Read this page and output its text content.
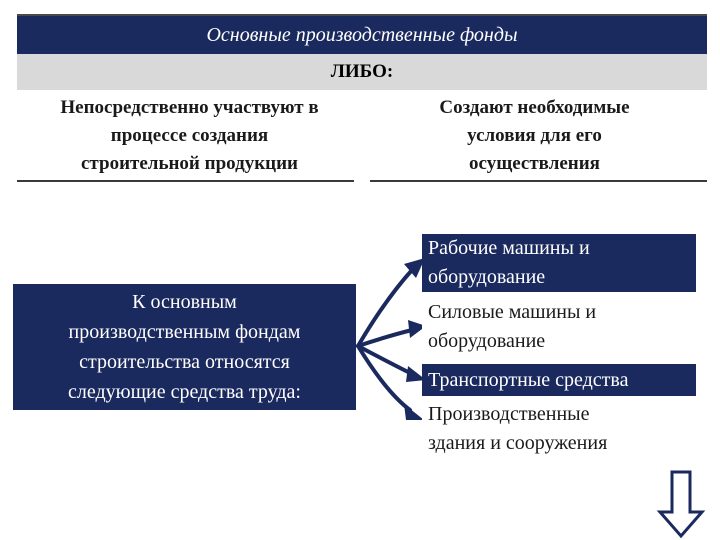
Основные производственные фонды
ЛИБО:
Непосредственно участвуют в
процессе создания
строительной продукции
Создают необходимые
условия для его
осуществления
К основным
производственным фондам
строительства относятся
следующие средства труда:
Рабочие машины и
оборудование
Силовые машины и
оборудование
Транспортные средства
Производственные
здания и сооружения
